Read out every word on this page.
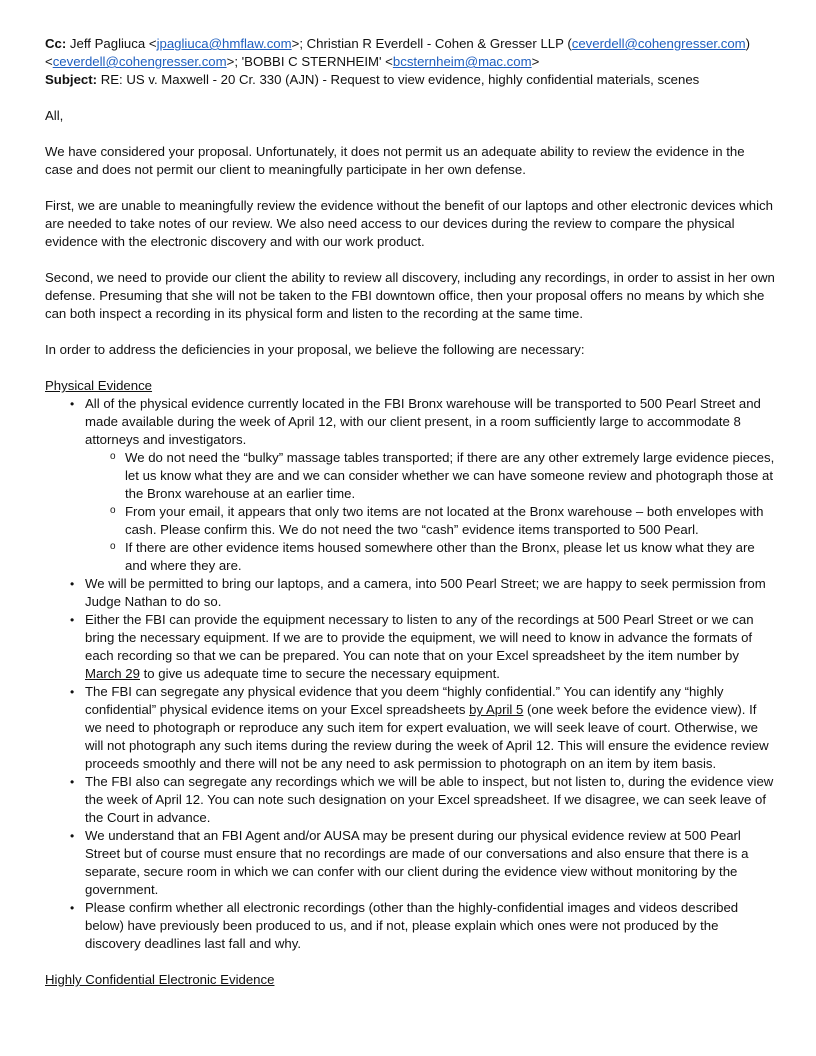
Cc: Jeff Pagliuca <jpagliuca@hmflaw.com>; Christian R Everdell - Cohen & Gresser LLP (ceverdell@cohengresser.com)

<ceverdell@cohengresser.com>; 'BOBBI C STERNHEIM' <bcsternheim@mac.com>

Subject: RE: US v. Maxwell - 20 Cr. 330 (AJN) - Request to view evidence, highly confidential materials, scenes

All,

We have considered your proposal. Unfortunately, it does not permit us an adequate ability to review the evidence in the case and does not permit our client to meaningfully participate in her own defense.

First, we are unable to meaningfully review the evidence without the benefit of our laptops and other electronic devices which are needed to take notes of our review. We also need access to our devices during the review to compare the physical evidence with the electronic discovery and with our work product.

Second, we need to provide our client the ability to review all discovery, including any recordings, in order to assist in her own defense. Presuming that she will not be taken to the FBI downtown office, then your proposal offers no means by which she can both inspect a recording in its physical form and listen to the recording at the same time.

In order to address the deficiencies in your proposal, we believe the following are necessary:

Physical Evidence

• All of the physical evidence currently located in the FBI Bronx warehouse will be transported to 500 Pearl Street and made available during the week of April 12, with our client present, in a room sufficiently large to accommodate 8 attorneys and investigators.
o We do not need the “bulky” massage tables transported; if there are any other extremely large evidence pieces, let us know what they are and we can consider whether we can have someone review and photograph those at the Bronx warehouse at an earlier time.
o From your email, it appears that only two items are not located at the Bronx warehouse – both envelopes with cash. Please confirm this. We do not need the two “cash” evidence items transported to 500 Pearl.
o If there are other evidence items housed somewhere other than the Bronx, please let us know what they are and where they are.
• We will be permitted to bring our laptops, and a camera, into 500 Pearl Street; we are happy to seek permission from Judge Nathan to do so.
• Either the FBI can provide the equipment necessary to listen to any of the recordings at 500 Pearl Street or we can bring the necessary equipment. If we are to provide the equipment, we will need to know in advance the formats of each recording so that we can be prepared. You can note that on your Excel spreadsheet by the item number by March 29 to give us adequate time to secure the necessary equipment.
• The FBI can segregate any physical evidence that you deem “highly confidential.” You can identify any “highly confidential” physical evidence items on your Excel spreadsheets by April 5 (one week before the evidence view). If we need to photograph or reproduce any such item for expert evaluation, we will seek leave of court. Otherwise, we will not photograph any such items during the review during the week of April 12. This will ensure the evidence review proceeds smoothly and there will not be any need to ask permission to photograph on an item by item basis.
• The FBI also can segregate any recordings which we will be able to inspect, but not listen to, during the evidence view the week of April 12. You can note such designation on your Excel spreadsheet. If we disagree, we can seek leave of the Court in advance.
• We understand that an FBI Agent and/or AUSA may be present during our physical evidence review at 500 Pearl Street but of course must ensure that no recordings are made of our conversations and also ensure that there is a separate, secure room in which we can confer with our client during the evidence view without monitoring by the government.
• Please confirm whether all electronic recordings (other than the highly-confidential images and videos described below) have previously been produced to us, and if not, please explain which ones were not produced by the discovery deadlines last fall and why.

Highly Confidential Electronic Evidence
